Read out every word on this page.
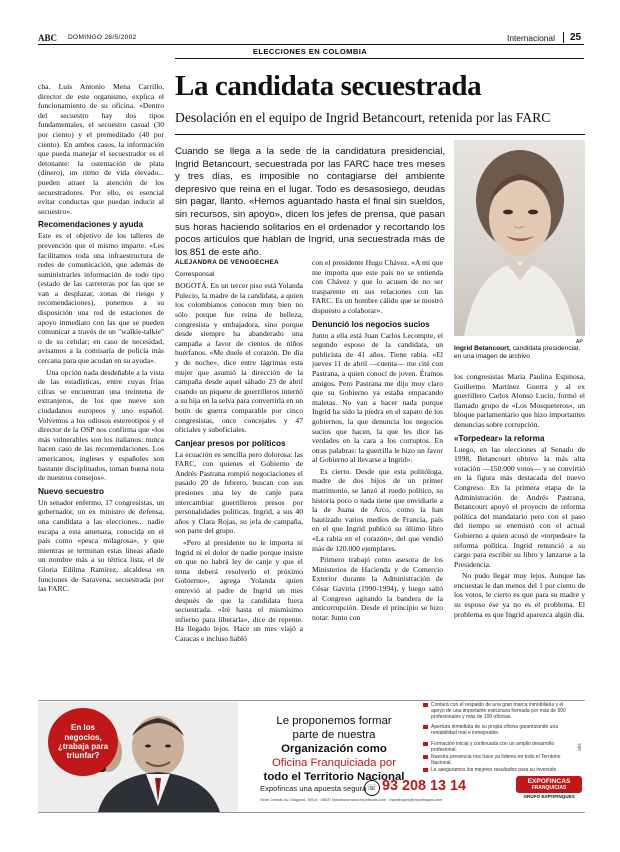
ABC DOMINGO 26/5/2002	Internacional 25
ELECCIONES EN COLOMBIA
La candidata secuestrada
Desolación en el equipo de Ingrid Betancourt, retenida por las FARC
Cuando se llega a la sede de la candidatura presidencial, Ingrid Betancourt, secuestrada por las FARC hace tres meses y tres días, es imposible no contagiarse del ambiente depresivo que reina en el lugar. Todo es desasosiego, deudas sin pagar, llanto. «Hemos aguantado hasta el final sin sueldos, sin recursos, sin apoyo», dicen los jefes de prensa, que pasan sus horas haciendo solitarios en el ordenador y recortando los pocos artículos que hablan de Ingrid, una secuestrada más de los 851 de este año.
AP
Ingrid Betancourt, candidata presidencial, en una imagen de archivo

cha. Luis Antonio Mena Carrillo, director de este organismo, explica el funcionamiento de su oficina. «Dentro del secuestro hay dos tipos fundamentales, el secuestro casual (30 por ciento) y el premeditado (40 por ciento). En ambos casos, la información que pueda manejar el secuestrador es el detonante: la ostentación de plata (dinero), un ritmo de vida elevado... pueden atraer la atención de los secuestradores. Por ello, es esencial evitar conductas que puedan inducir al secuestro».

Recomendaciones y ayuda

Este es el objetivo de los talleres de prevención que el mismo imparte. «Les facilitamos toda una infraestructura de redes de comunicación, que además de suministrarles información de todo tipo (estado de las carreteras por las que se van a desplazar, zonas de riesgo y recomendaciones), ponemos a su disposición una red de estaciones de apoyo inmediato con las que se pueden comunicar a través de un "walkie-talkie" o de su celular; en caso de necesidad, avisamos a la comisaría de policía más cercana para que acudan en su ayuda».

Una opción nada desdeñable a la vista de las estadísticas, entre cuyas frías cifras se encuentran una treintena de extranjeros, de los que nueve son ciudadanos europeos y uno español. Volvemos a los odiosos estereotipos y el director de la OSP nos confirma que «los más vulnerables son los italianos: nunca hacen caso de las recomendaciones. Los americanos, ingleses y españoles son bastante disciplinados, toman buena nota de nuestros consejos».

Nuevo secuestro

Un senador enfermo, 17 congresistas, un gobernador, un ex ministro de defensa, una candidata a las elecciones... nadie escapa a esta amenaza, conocida en el país como «pesca milagrosa», y que mientras se terminan estas líneas añade un nombre más a su tétrica lista, el de Gloria Edilma Ramírez, alcaldesa en funciones de Saravena, secuestrada por las FARC.

ALEJANDRA DE VENGOECHEA

Corresponsal

BOGOTÁ. En un tercer piso está Yolanda Pulecio, la madre de la candidata, a quien los colombianos conocen muy bien no sólo porque fue reina de belleza, congresista y embajadora, sino porque desde siempre ha abanderado una campaña a favor de cientos de niños huérfanos. «Me duele el corazón. De día y de noche», dice entre lágrimas esta mujer que asumió la dirección de la campaña desde aquel sábado 23 de abril cuando un piquete de guerrilleros internó a su hija en la selva para convertirla en un botín de guerra comparable por cinco congresistas, once concejales y 47 oficiales y suboficiales.

Canjear presos por políticos

La ecuación es sencilla pero dolorosa: las FARC, con quienes el Gobierno de Andrés Pastrana rompió negociaciones el pasado 20 de febrero, buscan con sus presiones una ley de canje para intercambiar guerrilleros presos por personalidades políticas. Ingrid, a sus 40 años y Clara Rojas, su jefa de campaña, son parte del grupo.

«Pero al presidente no le importa ni Ingrid ni el dolor de nadie porque insiste en que no habrá ley de canje y que el tema deberá resolverlo el próximo Gobierno», agrega Yolanda quien entrevió al padre de Ingrid un mes después de que la candidata fuera secuestrada. «Iré hasta el mismísimo infierno para liberarla», dice de repente. Ha llegado lejos. Hace un mes viajó a Caracas e incluso habló

con el presidente Hugo Chávez. «A mí que me importa que este país no se entienda con Chávez y que lo acusen de no ser trasparente en sus relaciones con las FARC. Es un hombre cálido que se mostró dispuesto a colaborar».

Denunció los negocios sucios

Junto a ella está Juan Carlos Lecompte, el segundo esposo de la candidata, un publicista de 41 años. Tiene rabia. «El jueves 11 de abril —cuenta— me cité con Pastrana, a quien conocí de joven. Éramos amigos. Pero Pastrana me dijo muy claro que su Gobierno ya estaba empacando maletas. No van a hacer nada porque Ingrid ha sido la piedra en el zapato de los gobiernos, la que denuncia los negocios sucios que hacen, la que les dice las verdades en la cara a los corruptos. En otras palabras: la guerrilla le hizo un favor al Gobierno al llevarse a Ingrid».

Es cierto. Desde que esta politóloga, madre de dos hijos de un primer matrimonio, se lanzó al ruedo político, su historia poco o nada tiene que envidiarle a la de Juana de Arco, como la han bautizado varios medios de Francia, país en el que Ingrid publicó su último libro «La rabia en el corazón», del que vendió más de 120.000 ejemplares.

Primero trabajó como asesora de los Ministerios de Hacienda y de Comercio Exterior durante la Administración de César Gaviria (1990-1994), y luego saltó al Congreso agitando la bandera de la anticorrupción. Desde el principio se hizo notar. Junto con

los congresistas María Paulina Espinosa, Guillermo Martínez Guerra y al ex guerrillero Carlos Alonso Lucio, formó el llamado grupo de «Los Mosqueteros», un bloque parlamentario que hizo importantes denuncias sobre corrupción.

«Torpedear» la reforma

Luego, en las elecciones al Senado de 1998, Betancourt obtuvo la más alta votación —150.000 votos— y se convirtió en la figura más destacada del nuevo Congreso. En la primera etapa de la Administración de Andrés Pastrana, Betancourt apoyó el proyecto de reforma política del mandatario pero con el paso del tiempo se enemistó con el actual Gobierno a quien acusó de «torpedear» la reforma política. Ingrid renunció a su cargo para escribir su libro y lanzarse a la Presidencia.

No pudo llegar muy lejos. Aunque las encuestas le dan menos del 1 por ciento de los votos, le cierto es que para su madre y su esposo ése ya no es el problema. El problema es que Ingrid aparezca algún día.

En los negocios, ¿trabaja para triunfar?
Le proponemos formar
parte de nuestra
Organización como
Oficina Franquiciada por
todo el Territorio Nacional
Contará con el respaldo de una gran marca inmobiliaria y el apoyo de una importante estructura formada por más de 500 profesionales y más de 100 oficinas.
Apertura inmediata de su propia oficina garantizando una rentabilidad real e inmejorable.
Formación inicial y continuada con un amplio desarrollo profesional.
Nuestra presencia nos hace ya líderes en todo el Territorio Nacional.
Le aseguramos los mejores resultados para su inversión.
abc
Expofincas una apuesta segura ☏ 93 208 13 14
Sede Central: Av. Diagonal, 359-A · 08037 Barcelona www.expofincas.com · expofinques@expofinques.com
EXPOFINCAS
FRANQUICIAS
GRUPO EXPOFINQUES
